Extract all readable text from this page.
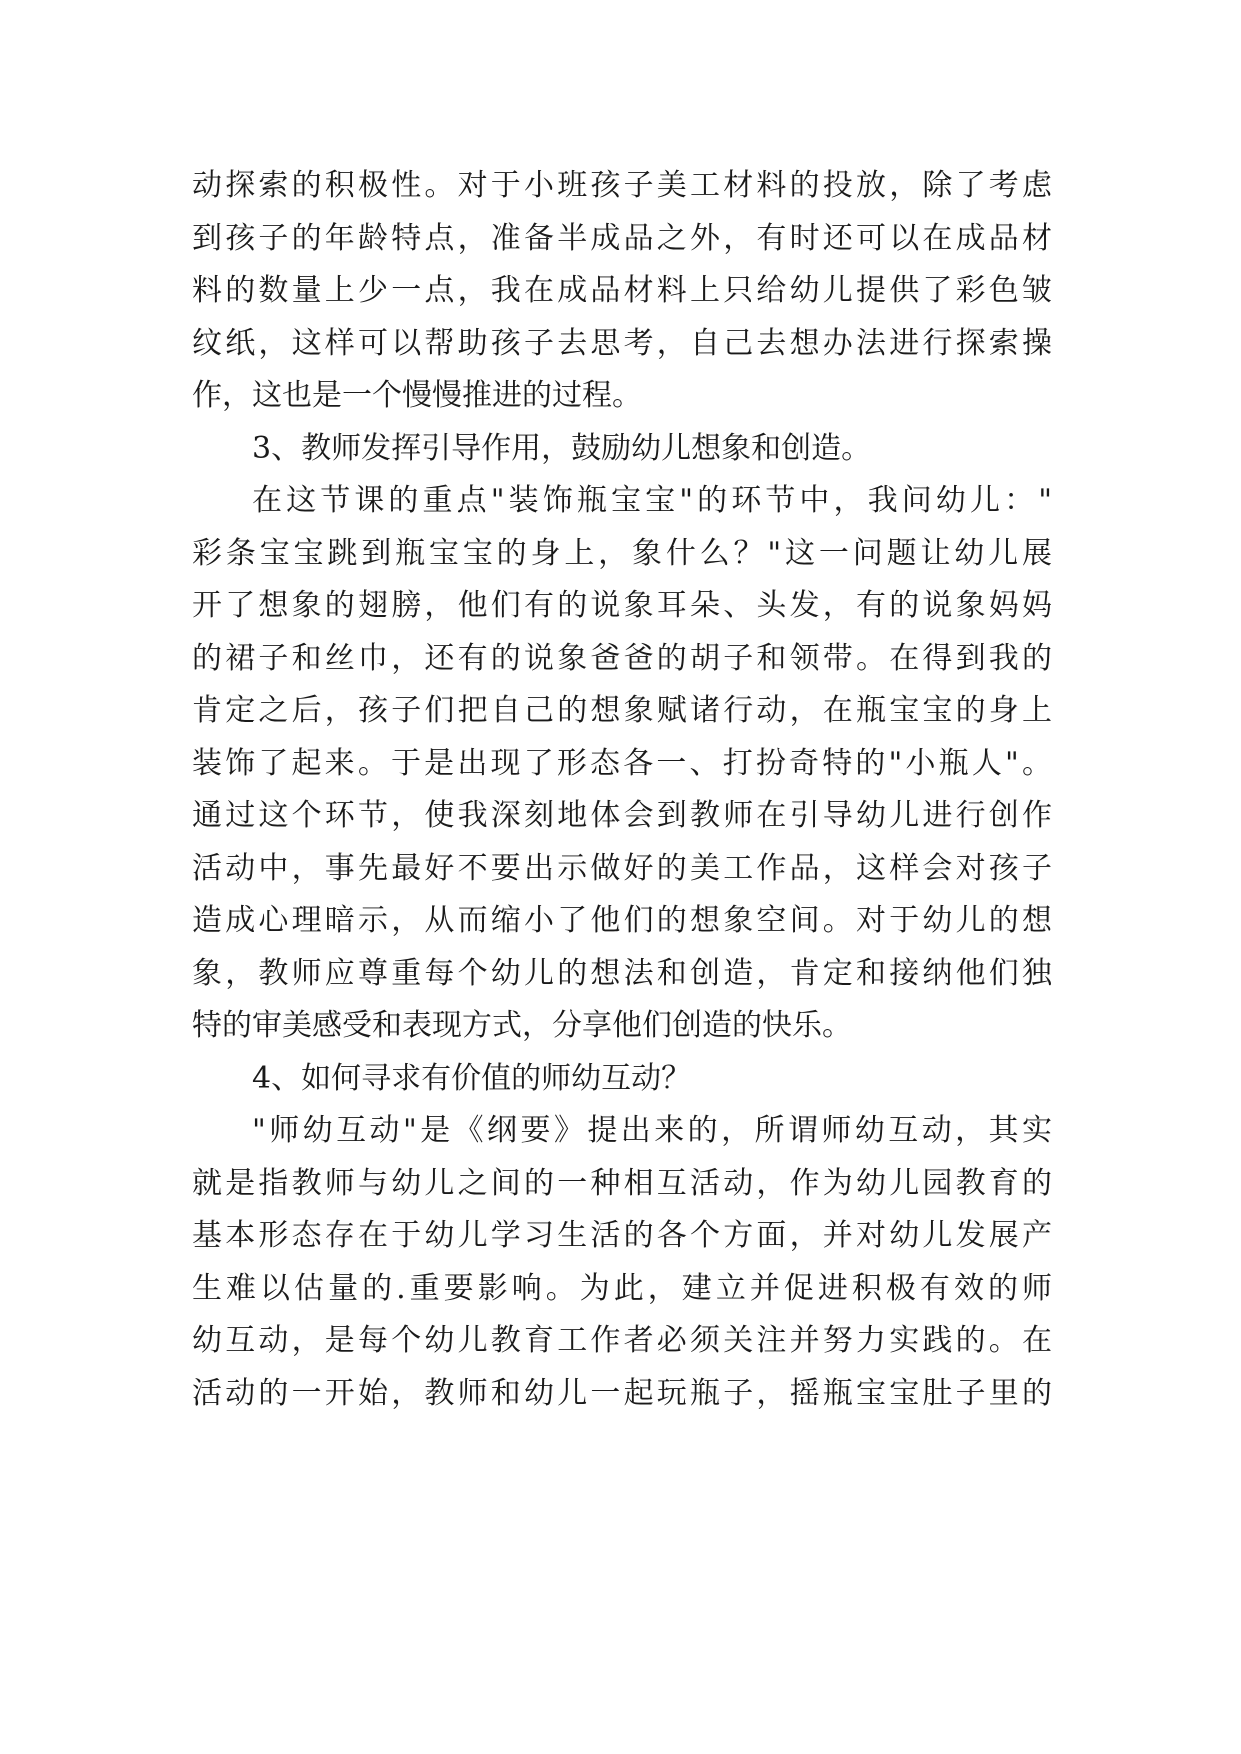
动探索的积极性。对于小班孩子美工材料的投放，除了考虑
到孩子的年龄特点，准备半成品之外，有时还可以在成品材
料的数量上少一点，我在成品材料上只给幼儿提供了彩色皱
纹纸，这样可以帮助孩子去思考，自己去想办法进行探索操
作，这也是一个慢慢推进的过程。
3、教师发挥引导作用，鼓励幼儿想象和创造。
在这节课的重点"装饰瓶宝宝"的环节中，我问幼儿："
彩条宝宝跳到瓶宝宝的身上，象什么？"这一问题让幼儿展
开了想象的翅膀，他们有的说象耳朵、头发，有的说象妈妈
的裙子和丝巾，还有的说象爸爸的胡子和领带。在得到我的
肯定之后，孩子们把自己的想象赋诸行动，在瓶宝宝的身上
装饰了起来。于是出现了形态各一、打扮奇特的"小瓶人"。
通过这个环节，使我深刻地体会到教师在引导幼儿进行创作
活动中，事先最好不要出示做好的美工作品，这样会对孩子
造成心理暗示，从而缩小了他们的想象空间。对于幼儿的想
象，教师应尊重每个幼儿的想法和创造，肯定和接纳他们独
特的审美感受和表现方式，分享他们创造的快乐。
4、如何寻求有价值的师幼互动？
"师幼互动"是《纲要》提出来的，所谓师幼互动，其实
就是指教师与幼儿之间的一种相互活动，作为幼儿园教育的
基本形态存在于幼儿学习生活的各个方面，并对幼儿发展产
生难以估量的.重要影响。为此，建立并促进积极有效的师
幼互动，是每个幼儿教育工作者必须关注并努力实践的。在
活动的一开始，教师和幼儿一起玩瓶子，摇瓶宝宝肚子里的
